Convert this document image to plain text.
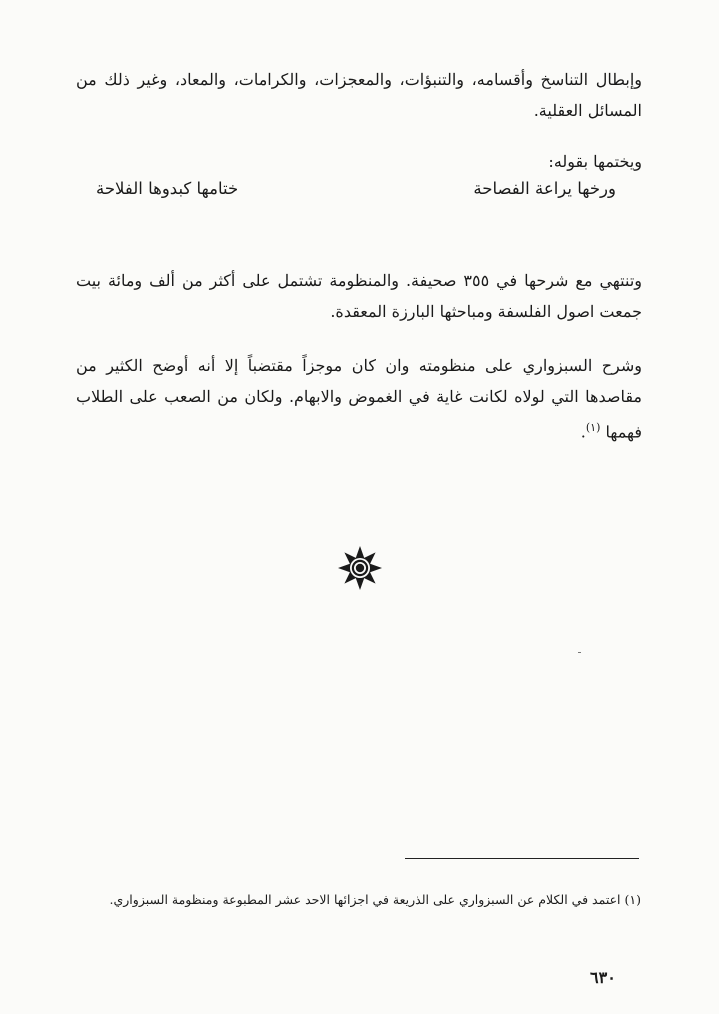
وإبطال التناسخ وأقسامه، والتنبؤات، والمعجزات، والكرامات، والمعاد، وغير ذلك من المسائل العقلية.

ويختمها بقوله:

ورخها يراعة الفصاحة
ختامها كبدوها الفلاحة

وتنتهي مع شرحها في ٣٥٥ صحيفة. والمنظومة تشتمل على أكثر من ألف ومائة بيت جمعت اصول الفلسفة ومباحثها البارزة المعقدة.

وشرح السبزواري على منظومته وان كان موجزاً مقتضباً إلا أنه أوضح الكثير من مقاصدها التي لولاه لكانت غاية في الغموض والابهام. ولكان من الصعب على الطلاب فهمها $^{(١)}$.

(١) اعتمد في الكلام عن السبزواري على الذريعة في اجزائها الاحد عشر المطبوعة ومنظومة السبزواري.

٦٣٠
